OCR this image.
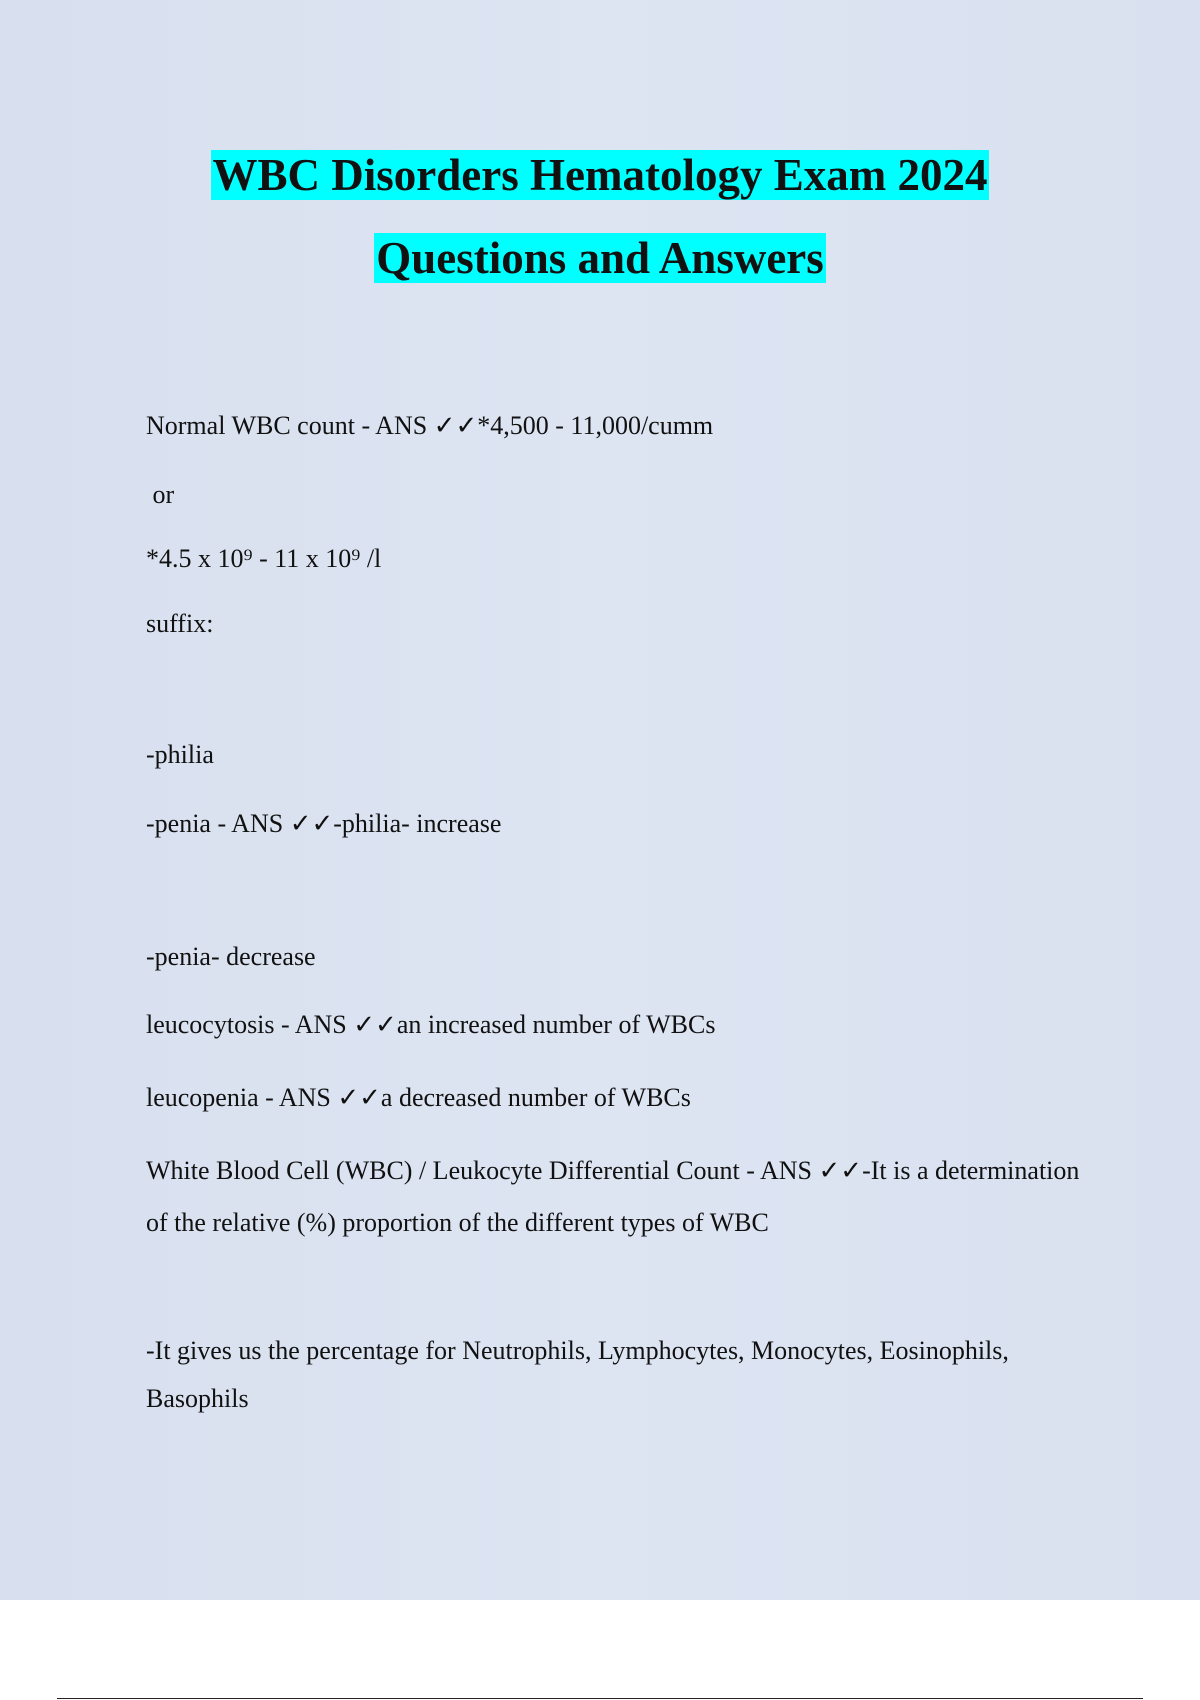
WBC Disorders Hematology Exam 2024
Questions and Answers
Normal WBC count - ANS ✓✓*4,500 - 11,000/cumm
or
*4.5 x 10⁹ - 11 x 10⁹ /l
suffix:
-philia
-penia - ANS ✓✓-philia- increase
-penia- decrease
leucocytosis - ANS ✓✓an increased number of WBCs
leucopenia - ANS ✓✓a decreased number of WBCs
White Blood Cell (WBC) / Leukocyte Differential Count - ANS ✓✓-It is a determination of the relative (%) proportion of the different types of WBC
-It gives us the percentage for Neutrophils, Lymphocytes, Monocytes, Eosinophils, Basophils
